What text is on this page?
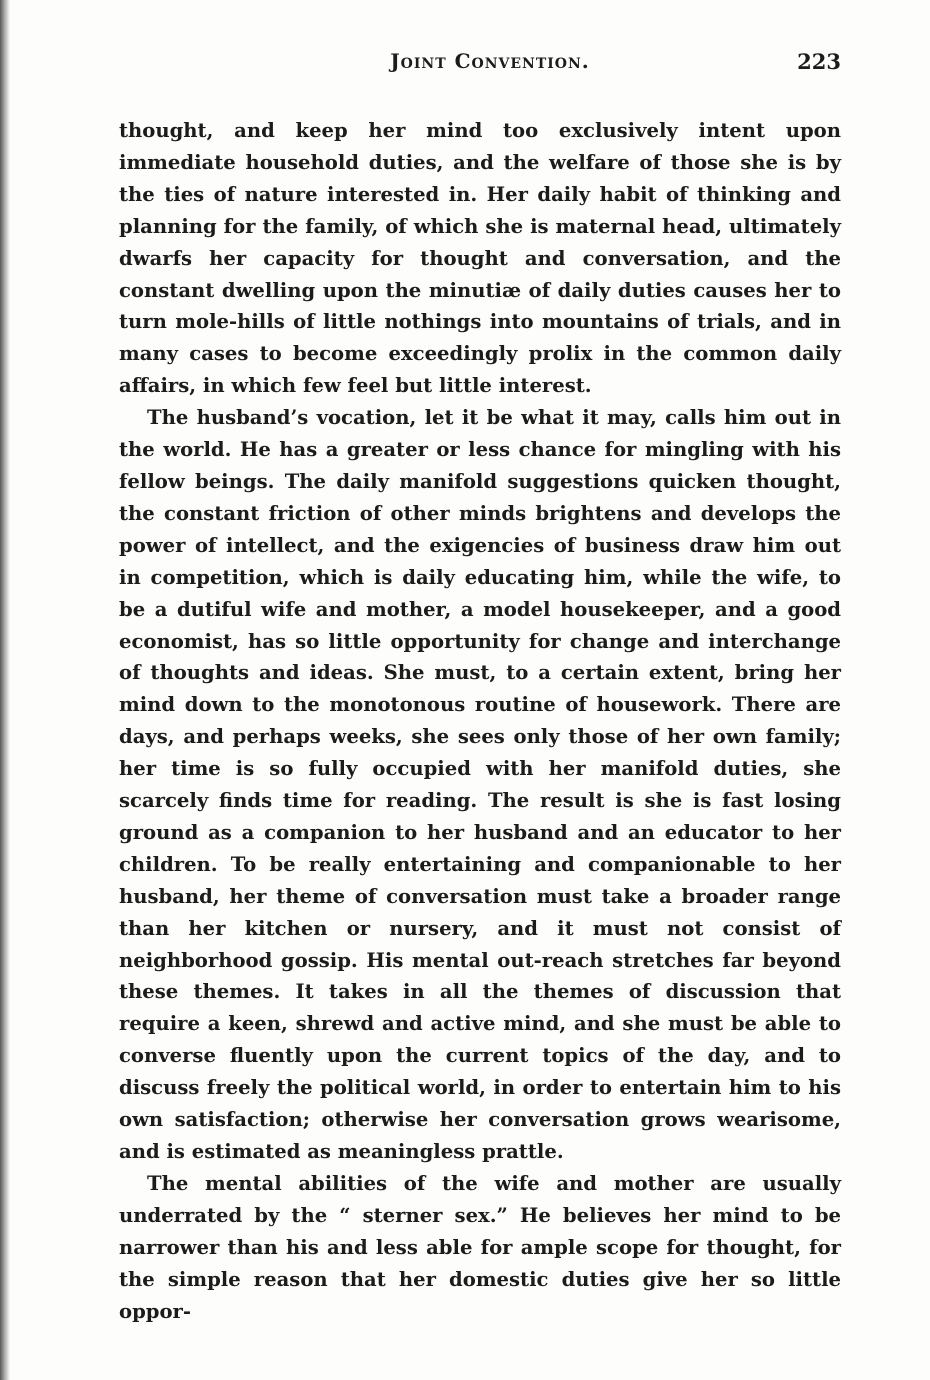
Joint Convention.	223

thought, and keep her mind too exclusively intent upon immediate household duties, and the welfare of those she is by the ties of nature interested in. Her daily habit of thinking and planning for the family, of which she is maternal head, ultimately dwarfs her capacity for thought and conversation, and the constant dwelling upon the minutiæ of daily duties causes her to turn mole-hills of little nothings into mountains of trials, and in many cases to become exceedingly prolix in the common daily affairs, in which few feel but little interest.

The husband’s vocation, let it be what it may, calls him out in the world. He has a greater or less chance for mingling with his fellow beings. The daily manifold suggestions quicken thought, the constant friction of other minds brightens and develops the power of intellect, and the exigencies of business draw him out in competition, which is daily educating him, while the wife, to be a dutiful wife and mother, a model housekeeper, and a good economist, has so little opportunity for change and interchange of thoughts and ideas. She must, to a certain extent, bring her mind down to the monotonous routine of housework. There are days, and perhaps weeks, she sees only those of her own family; her time is so fully occupied with her manifold duties, she scarcely finds time for reading. The result is she is fast losing ground as a companion to her husband and an educator to her children. To be really entertaining and companionable to her husband, her theme of conversation must take a broader range than her kitchen or nursery, and it must not consist of neighborhood gossip. His mental out-reach stretches far beyond these themes. It takes in all the themes of discussion that require a keen, shrewd and active mind, and she must be able to converse fluently upon the current topics of the day, and to discuss freely the political world, in order to entertain him to his own satisfaction; otherwise her conversation grows wearisome, and is estimated as meaningless prattle.

The mental abilities of the wife and mother are usually underrated by the “ sterner sex.” He believes her mind to be narrower than his and less able for ample scope for thought, for the simple reason that her domestic duties give her so little oppor-
